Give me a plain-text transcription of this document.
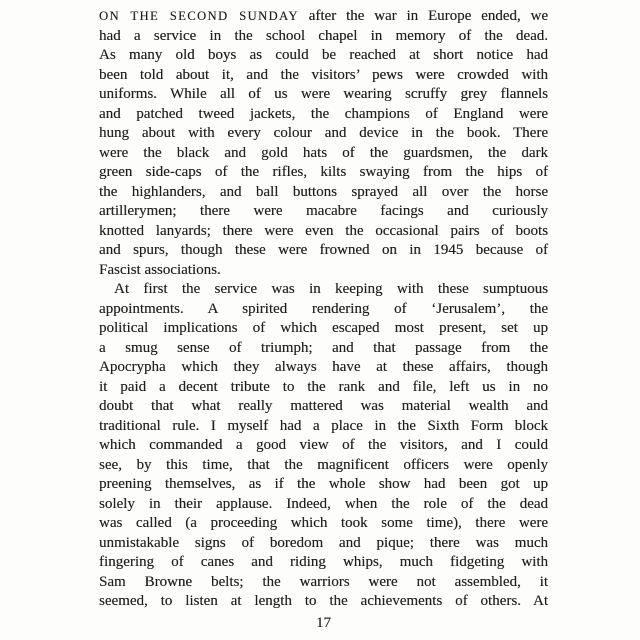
ON THE SECOND SUNDAY after the war in Europe ended, we
had a service in the school chapel in memory of the dead.
As many old boys as could be reached at short notice had
been told about it, and the visitors’ pews were crowded with
uniforms. While all of us were wearing scruffy grey flannels
and patched tweed jackets, the champions of England were
hung about with every colour and device in the book. There
were the black and gold hats of the guardsmen, the dark
green side-caps of the rifles, kilts swaying from the hips of
the highlanders, and ball buttons sprayed all over the horse
artillerymen; there were macabre facings and curiously
knotted lanyards; there were even the occasional pairs of boots
and spurs, though these were frowned on in 1945 because of
Fascist associations.
At first the service was in keeping with these sumptuous
appointments. A spirited rendering of ‘Jerusalem’, the
political implications of which escaped most present, set up
a smug sense of triumph; and that passage from the
Apocrypha which they always have at these affairs, though
it paid a decent tribute to the rank and file, left us in no
doubt that what really mattered was material wealth and
traditional rule. I myself had a place in the Sixth Form block
which commanded a good view of the visitors, and I could
see, by this time, that the magnificent officers were openly
preening themselves, as if the whole show had been got up
solely in their applause. Indeed, when the role of the dead
was called (a proceeding which took some time), there were
unmistakable signs of boredom and pique; there was much
fingering of canes and riding whips, much fidgeting with
Sam Browne belts; the warriors were not assembled, it
seemed, to listen at length to the achievements of others. At
17
